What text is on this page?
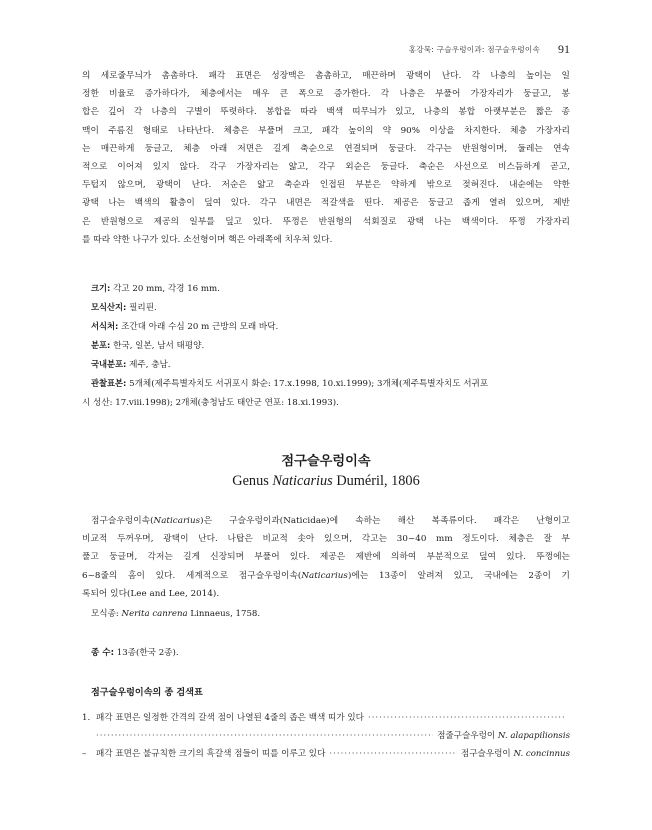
홍강묵: 구슬우렁이과: 점구슬우렁이속 91
의 세로줄무늬가 촘촘하다. 패각 표면은 성장맥은 촘촘하고, 매끈하며 광택이 난다. 각 나층의 높이는 일
정한 비율로 증가하다가, 체층에서는 매우 큰 폭으로 증가한다. 각 나층은 부풀어 가장자리가 둥글고, 봉
합은 깊어 각 나층의 구별이 뚜렷하다. 봉합을 따라 백색 띠무늬가 있고, 나층의 봉합 아랫부분은 짧은 종
맥이 주름진 형태로 나타난다. 체층은 부풀며 크고, 패각 높이의 약 90% 이상을 차지한다. 체층 가장자리
는 매끈하게 둥글고, 체층 아래 저면은 길게 축순으로 연결되며 둥글다. 각구는 반원형이며, 둘레는 연속
적으로 이어져 있지 않다. 각구 가장자리는 얇고, 각구 외순은 둥글다. 축순은 사선으로 비스듬하게 곧고,
두텁지 않으며, 광택이 난다. 저순은 얇고 축순과 인접된 부분은 약하게 밖으로 젖혀진다. 내순에는 약한
광택 나는 백색의 활층이 덮여 있다. 각구 내면은 적갈색을 띤다. 제공은 둥글고 좁게 열려 있으며, 제반
은 반원형으로 제공의 일부를 덮고 있다. 뚜껑은 반원형의 석회질로 광택 나는 백색이다. 뚜껑 가장자리
를 따라 약한 나구가 있다. 소선형이며 핵은 아래쪽에 치우쳐 있다.
크기: 각고 20 mm, 각경 16 mm.
모식산지: 필리핀.
서식처: 조간대 아래 수심 20 m 근방의 모래 바닥.
분포: 한국, 일본, 남서 태평양.
국내분포: 제주, 충남.
관찰표본: 5개체(제주특별자치도 서귀포시 화순: 17.x.1998, 10.xi.1999); 3개체(제주특별자치도 서귀포
시 성산: 17.viii.1998); 2개체(충청남도 태안군 연포: 18.xi.1993).
점구슬우렁이속
Genus Naticarius Duméril, 1806
점구슬우렁이속(Naticarius)은 구슬우렁이과(Naticidae)에 속하는 해산 복족류이다. 패각은 난형이고
비교적 두꺼우며, 광택이 난다. 나탑은 비교적 솟아 있으며, 각고는 30~40 mm 정도이다. 체층은 잘 부
풀고 둥글며, 각저는 길게 신장되며 부풀어 있다. 제공은 제반에 의하여 부분적으로 덮여 있다. 뚜껑에는
6~8줄의 홈이 있다. 세계적으로 점구슬우렁이속(Naticarius)에는 13종이 알려져 있고, 국내에는 2종이 기
록되어 있다(Lee and Lee, 2014).
모식종: Nerita canrena Linnaeus, 1758.
종 수: 13종(한국 2종).
점구슬우렁이속의 종 검색표
1. 패각 표면은 일정한 간격의 갈색 점이 나열된 4줄의 좁은 백색 띠가 있다
·····
·····
점줄구슬우렁이 N. alapapilionsis
–	패각 표면은 불규칙한 크기의 흑갈색 점들이 띠를 이루고 있다
·····	점구슬우렁이 N. concinnus
